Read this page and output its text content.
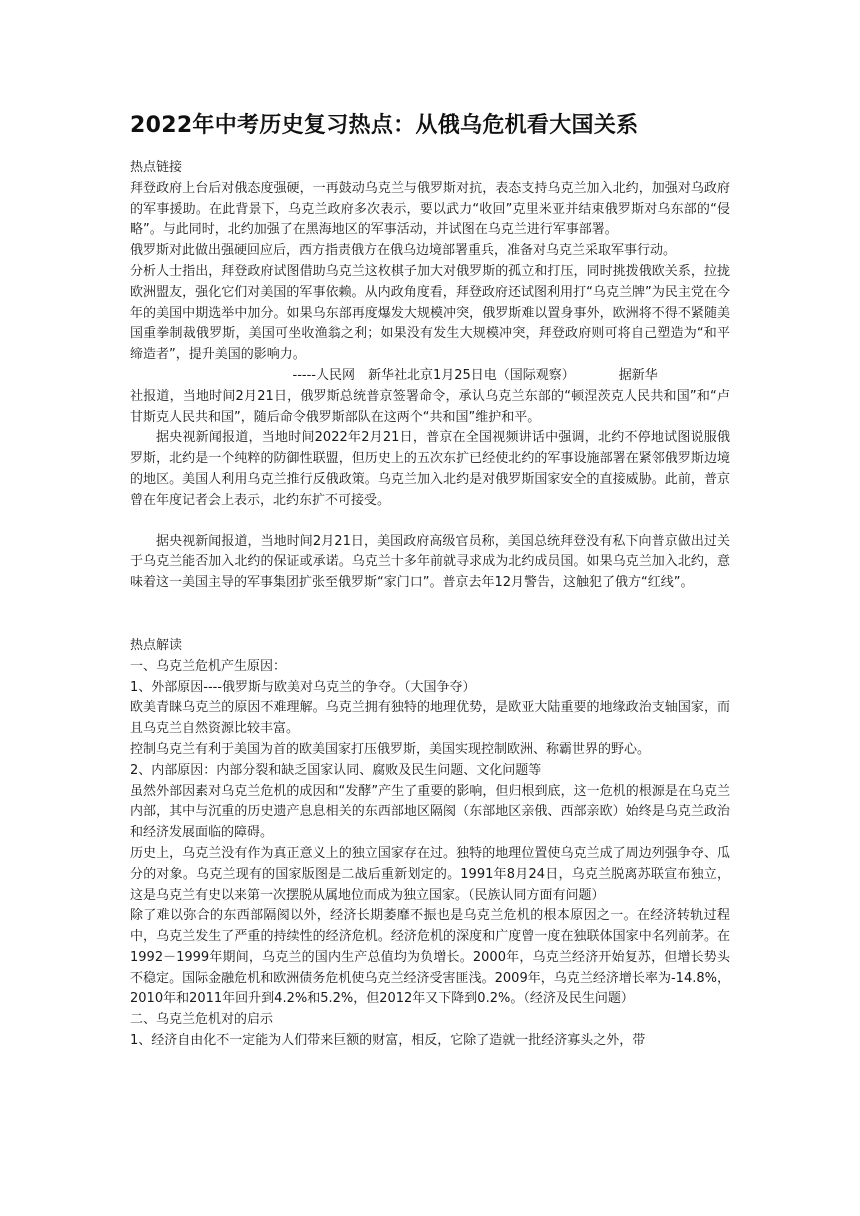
2022年中考历史复习热点：从俄乌危机看大国关系

热点链接

拜登政府上台后对俄态度强硬，一再鼓动乌克兰与俄罗斯对抗，表态支持乌克兰加入北约，加强对乌政府的军事援助。在此背景下，乌克兰政府多次表示，要以武力“收回”克里米亚并结束俄罗斯对乌东部的“侵略”。与此同时，北约加强了在黑海地区的军事活动，并试图在乌克兰进行军事部署。

俄罗斯对此做出强硬回应后，西方指责俄方在俄乌边境部署重兵，准备对乌克兰采取军事行动。

分析人士指出，拜登政府试图借助乌克兰这枚棋子加大对俄罗斯的孤立和打压，同时挑拨俄欧关系，拉拢欧洲盟友，强化它们对美国的军事依赖。从内政角度看，拜登政府还试图利用打“乌克兰牌”为民主党在今年的美国中期选举中加分。如果乌东部再度爆发大规模冲突，俄罗斯难以置身事外，欧洲将不得不紧随美国重拳制裁俄罗斯，美国可坐收渔翁之利；如果没有发生大规模冲突，拜登政府则可将自己塑造为“和平缔造者”，提升美国的影响力。

-----人民网　新华社北京1月25日电（国际观察）	据新华

社报道，当地时间2月21日，俄罗斯总统普京签署命令，承认乌克兰东部的“顿涅茨克人民共和国”和“卢甘斯克人民共和国”，随后命令俄罗斯部队在这两个“共和国”维护和平。

据央视新闻报道，当地时间2022年2月21日，普京在全国视频讲话中强调，北约不停地试图说服俄罗斯，北约是一个纯粹的防御性联盟，但历史上的五次东扩已经使北约的军事设施部署在紧邻俄罗斯边境的地区。美国人利用乌克兰推行反俄政策。乌克兰加入北约是对俄罗斯国家安全的直接威胁。此前，普京曾在年度记者会上表示，北约东扩不可接受。

据央视新闻报道，当地时间2月21日，美国政府高级官员称，美国总统拜登没有私下向普京做出过关于乌克兰能否加入北约的保证或承诺。乌克兰十多年前就寻求成为北约成员国。如果乌克兰加入北约，意味着这一美国主导的军事集团扩张至俄罗斯“家门口”。普京去年12月警告，这触犯了俄方“红线”。

热点解读

一、乌克兰危机产生原因：

1、外部原因----俄罗斯与欧美对乌克兰的争夺。（大国争夺）

欧美青睐乌克兰的原因不难理解。乌克兰拥有独特的地理优势，是欧亚大陆重要的地缘政治支轴国家，而且乌克兰自然资源比较丰富。

控制乌克兰有利于美国为首的欧美国家打压俄罗斯，美国实现控制欧洲、称霸世界的野心。

2、内部原因：内部分裂和缺乏国家认同、腐败及民生问题、文化问题等

虽然外部因素对乌克兰危机的成因和“发酵”产生了重要的影响，但归根到底，这一危机的根源是在乌克兰内部，其中与沉重的历史遗产息息相关的东西部地区隔阂（东部地区亲俄、西部亲欧）始终是乌克兰政治和经济发展面临的障碍。

历史上，乌克兰没有作为真正意义上的独立国家存在过。独特的地理位置使乌克兰成了周边列强争夺、瓜分的对象。乌克兰现有的国家版图是二战后重新划定的。1991年8月24日，乌克兰脱离苏联宣布独立，这是乌克兰有史以来第一次摆脱从属地位而成为独立国家。（民族认同方面有问题）

除了难以弥合的东西部隔阂以外，经济长期萎靡不振也是乌克兰危机的根本原因之一。在经济转轨过程中，乌克兰发生了严重的持续性的经济危机。经济危机的深度和广度曾一度在独联体国家中名列前茅。在1992－1999年期间，乌克兰的国内生产总值均为负增长。2000年，乌克兰经济开始复苏，但增长势头不稳定。国际金融危机和欧洲债务危机使乌克兰经济受害匪浅。2009年，乌克兰经济增长率为-14.8%，2010年和2011年回升到4.2%和5.2%，但2012年又下降到0.2%。（经济及民生问题）

二、乌克兰危机对的启示

1、经济自由化不一定能为人们带来巨额的财富，相反，它除了造就一批经济寡头之外，带
